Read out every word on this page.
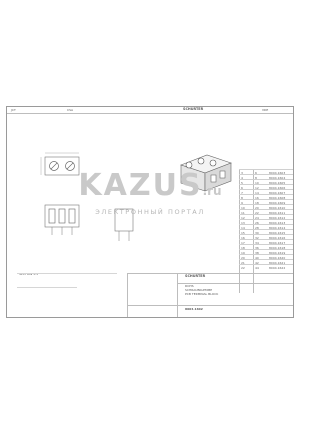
SCHURTER
JCT	CSA	VDE
3	6	8004.1603
4	8	8004.1604
5	10	8004.1605
6	12	8004.1606
7	14	8004.1607
8	16	8004.1608
9	18	8004.1609
10	20	8004.1610
11	22	8004.1611
12	24	8004.1612
13	26	8004.1613
14	28	8004.1614
15	30	8004.1615
16	32	8004.1616
17	34	8004.1617
18	36	8004.1618
19	38	8004.1619
20	40	8004.1620
21	42	8004.1621
22	44	8004.1622
SCHURTER
ROHS
SCHRAUBKLEMME
PCB TERMINAL BLOCK
8004.1602
SECTION 1-1
KAZUS.ru
ЭЛЕКТРОННЫЙ ПОРТАЛ
